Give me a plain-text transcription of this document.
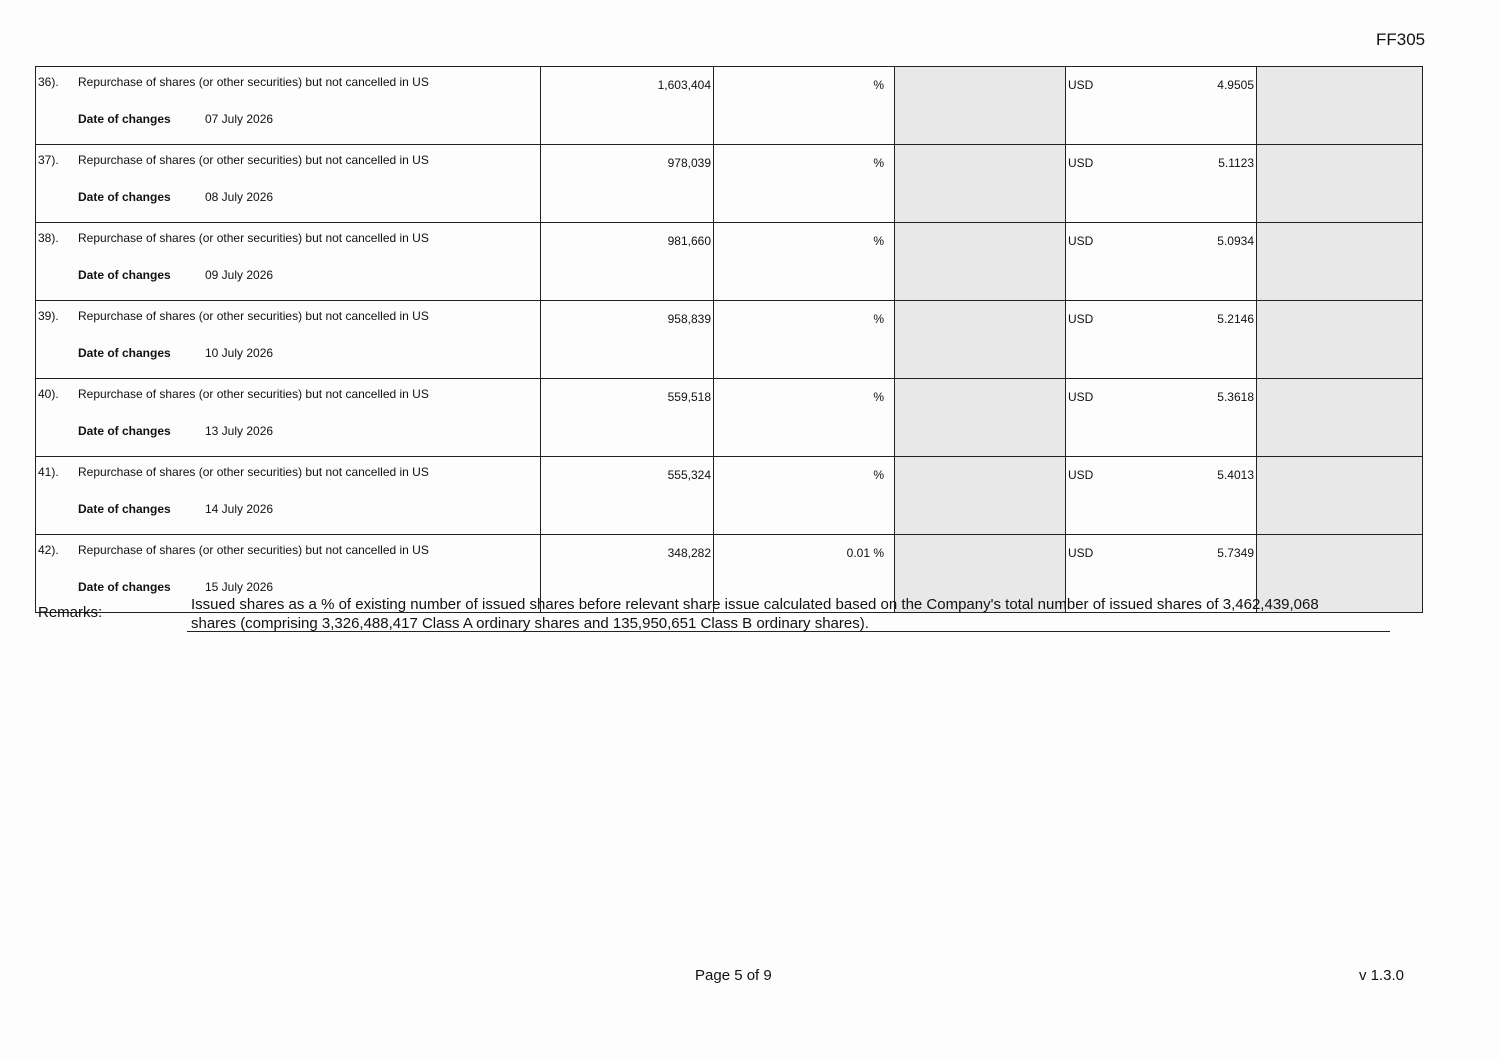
FF305
36). Repurchase of shares (or other securities) but not cancelled in US
Date of changes 07 July 2026	1,603,404	%		USD 4.9505	

37). Repurchase of shares (or other securities) but not cancelled in US
Date of changes 08 July 2026	978,039	%		USD 5.1123	

38). Repurchase of shares (or other securities) but not cancelled in US
Date of changes 09 July 2026	981,660	%		USD 5.0934	

39). Repurchase of shares (or other securities) but not cancelled in US
Date of changes 10 July 2026	958,839	%		USD 5.2146	

40). Repurchase of shares (or other securities) but not cancelled in US
Date of changes 13 July 2026	559,518	%		USD 5.3618	

41). Repurchase of shares (or other securities) but not cancelled in US
Date of changes 14 July 2026	555,324	%		USD 5.4013	

42). Repurchase of shares (or other securities) but not cancelled in US
Date of changes 15 July 2026	348,282	0.01 %		USD 5.7349	

Remarks:	Issued shares as a % of existing number of issued shares before relevant share issue calculated based on the Company's total number of issued shares of 3,462,439,068 shares (comprising 3,326,488,417 Class A ordinary shares and 135,950,651 Class B ordinary shares).
Page 5 of 9	v 1.3.0
